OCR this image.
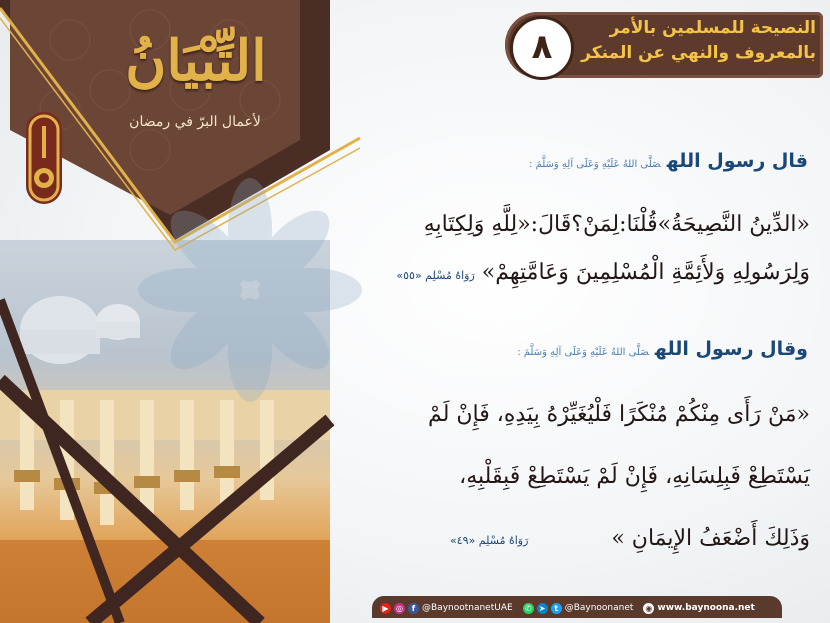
التِّبْيَانُ
لأعمال البرّ في رمضان
٨	النصيحة للمسلمين بالأمر
بالمعروف والنهي عن المنكر
قال رسول اللهصَلَّى اللهُ عَلَيْهِ وَعَلَى آلِهِ وَسَلَّمَ :
«الدِّينُ النَّصِيحَةُ»قُلْنَا:لِمَنْ؟قَالَ:«لِلَّهِ وَلِكِتَابِهِ
وَلِرَسُولِهِ وَلأَئِمَّةِ الْمُسْلِمِينَ وَعَامَّتِهِمْ» رَوَاهُ مُسْلِم «٥٥»
وقال رسول اللهصَلَّى اللهُ عَلَيْهِ وَعَلَى آلِهِ وَسَلَّمَ :
«مَنْ رَأَى مِنْكُمْ مُنْكَرًا فَلْيُغَيِّرْهُ بِيَدِهِ، فَإِنْ لَمْ
يَسْتَطِعْ فَبِلِسَانِهِ، فَإِنْ لَمْ يَسْتَطِعْ فَبِقَلْبِهِ،
وَذَلِكَ أَضْعَفُ الإِيمَانِ »
رَوَاهُ مُسْلِم «٤٩»
▶ ◎	f @BaynootnanetUAE ✆ ➤	t @Baynoonanet ◉ www.baynoona.net
